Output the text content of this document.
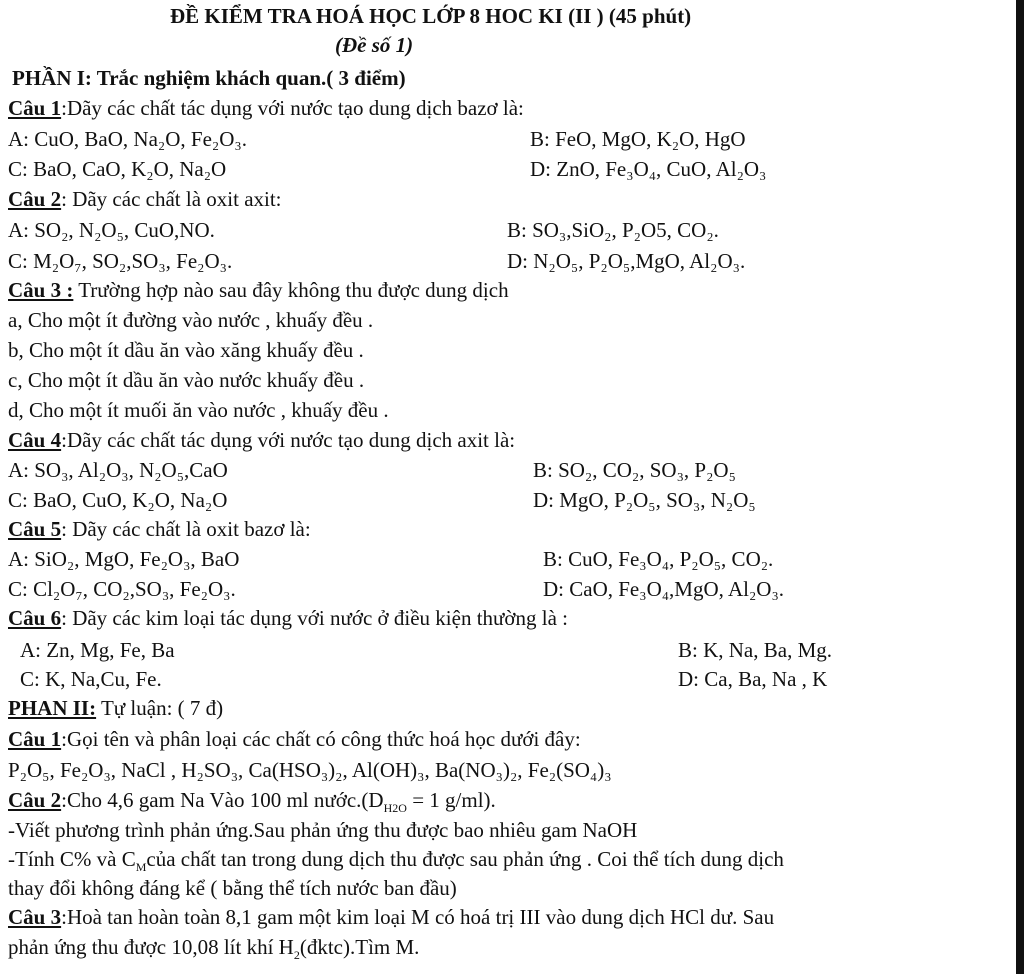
ĐỀ KIỂM TRA HOÁ HỌC LỚP 8 HOC KI (II ) (45 phút)
(Đề số 1)
PHẦN I: Trắc nghiệm khách quan.( 3 điểm)
Câu 1:Dãy các chất tác dụng với nước tạo dung dịch bazơ là:
A: CuO, BaO, Na₂O, Fe₂O₃.	B: FeO, MgO, K₂O, HgO
C: BaO, CaO, K₂O, Na₂O	D: ZnO, Fe₃O₄, CuO, Al₂O₃
Câu 2: Dãy các chất là oxit axit:
A: SO₂, N₂O₅, CuO,NO.	B: SO₃,SiO₂, P₂O5, CO₂.
C: M₂O₇, SO₂,SO₃, Fe₂O₃.	D: N₂O₅, P₂O₅,MgO, Al₂O₃.
Câu 3 : Trường hợp nào sau đây không thu được dung dịch
a, Cho một ít đường vào nước , khuấy đều .
b, Cho một ít dầu ăn vào xăng khuấy đều .
c, Cho một ít dầu ăn vào nước khuấy đều .
d, Cho một ít muối ăn vào nước , khuấy đều .
Câu 4:Dãy các chất tác dụng với nước tạo dung dịch axit là:
A: SO₃, Al₂O₃, N₂O₅,CaO	B: SO₂, CO₂, SO₃, P₂O₅
C: BaO, CuO, K₂O, Na₂O	D: MgO, P₂O₅, SO₃, N₂O₅
Câu 5: Dãy các chất là oxit bazơ là:
A: SiO₂, MgO, Fe₂O₃, BaO	B: CuO, Fe₃O₄, P₂O₅, CO₂.
C: Cl₂O₇, CO₂,SO₃, Fe₂O₃.	D: CaO, Fe₃O₄,MgO, Al₂O₃.
Câu 6: Dãy các kim loại tác dụng với nước ở điều kiện thường là :
A: Zn, Mg, Fe, Ba	B: K, Na, Ba, Mg.
C: K, Na,Cu, Fe.	D: Ca, Ba, Na , K
PHAN II: Tự luận: ( 7 đ)
Câu 1:Gọi tên và phân loại các chất có công thức hoá học dưới đây:
P₂O₅, Fe₂O₃, NaCl , H₂SO₃, Ca(HSO₃)₂, Al(OH)₃, Ba(NO₃)₂, Fe₂(SO₄)₃
Câu 2:Cho 4,6 gam Na Vào 100 ml $nước.(D_{H2O} = 1$ g/ml).
-Viết phương trình phản ứng.Sau phản ứng thu được bao nhiêu gam NaOH
-Tính C% và $C_Mcủa$ chất tan trong dung dịch thu được sau phản ứng . Coi thể tích dung dịch
thay đổi không đáng kể ( bằng thể tích nước ban đầu)
Câu 3:Hoà tan hoàn toàn 8,1 gam một kim loại M có hoá trị III vào dung dịch HCl dư. Sau
phản ứng thu được 10,08 lít khí $H_2(đktc).Tìm$ M.
